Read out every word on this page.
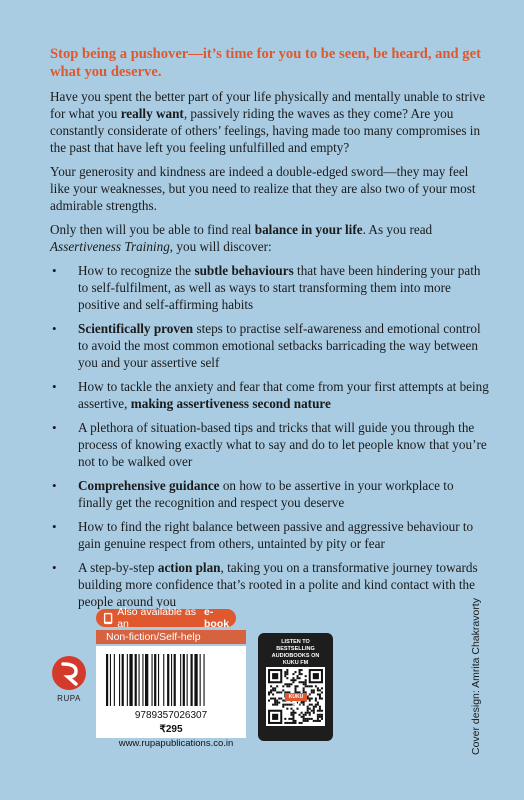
Stop being a pushover—it’s time for you to be seen, be heard, and get what you deserve.

Have you spent the better part of your life physically and mentally unable to strive for what you really want, passively riding the waves as they come? Are you constantly considerate of others’ feelings, having made too many compromises in the past that have left you feeling unfulfilled and empty?

Your generosity and kindness are indeed a double-edged sword—they may feel like your weaknesses, but you need to realize that they are also two of your most admirable strengths.

Only then will you be able to find real balance in your life. As you read Assertiveness Training, you will discover:

• How to recognize the subtle behaviours that have been hindering your path to self-fulfilment, as well as ways to start transforming them into more positive and self-affirming habits
• Scientifically proven steps to practise self-awareness and emotional control to avoid the most common emotional setbacks barricading the way between you and your assertive self
• How to tackle the anxiety and fear that come from your first attempts at being assertive, making assertiveness second nature
• A plethora of situation-based tips and tricks that will guide you through the process of knowing exactly what to say and do to let people know that you’re not to be walked over
• Comprehensive guidance on how to be assertive in your workplace to finally get the recognition and respect you deserve
• How to find the right balance between passive and aggressive behaviour to gain genuine respect from others, untainted by pity or fear
• A step-by-step action plan, taking you on a transformative journey towards building more confidence that’s rooted in a polite and kind contact with the people around you
Also available as an
e-book
Non-fiction/Self-help
9789357026307
₹295
www.rupapublications.co.in
RUPA
LISTEN TO BESTSELLING AUDIOBOOKS ON KUKU FM
KUKU FM	Cover design: Amrita Chakravorty
